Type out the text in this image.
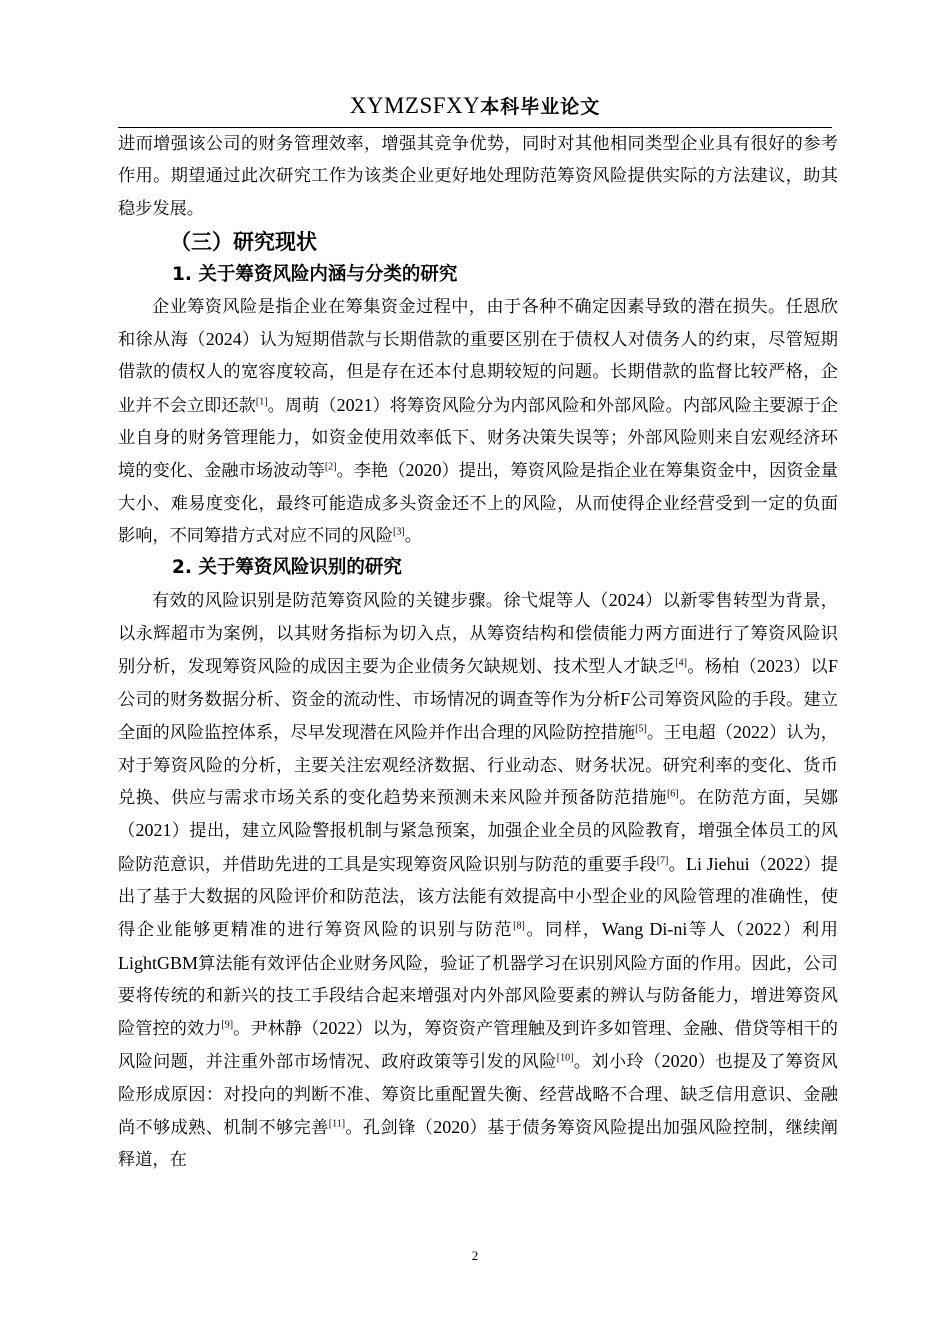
XYMZSFXY本科毕业论文

进而增强该公司的财务管理效率，增强其竞争优势，同时对其他相同类型企业具有很好的参考作用。期望通过此次研究工作为该类企业更好地处理防范筹资风险提供实际的方法建议，助其稳步发展。

（三）研究现状
1. 关于筹资风险内涵与分类的研究

企业筹资风险是指企业在筹集资金过程中，由于各种不确定因素导致的潜在损失。任恩欣和徐从海（2024）认为短期借款与长期借款的重要区别在于债权人对债务人的约束，尽管短期借款的债权人的宽容度较高，但是存在还本付息期较短的问题。长期借款的监督比较严格，企业并不会立即还款[1]。周萌（2021）将筹资风险分为内部风险和外部风险。内部风险主要源于企业自身的财务管理能力，如资金使用效率低下、财务决策失误等；外部风险则来自宏观经济环境的变化、金融市场波动等[2]。李艳（2020）提出，筹资风险是指企业在筹集资金中，因资金量大小、难易度变化，最终可能造成多头资金还不上的风险，从而使得企业经营受到一定的负面影响，不同筹措方式对应不同的风险[3]。

2. 关于筹资风险识别的研究

有效的风险识别是防范筹资风险的关键步骤。徐弋焜等人（2024）以新零售转型为背景，以永辉超市为案例，以其财务指标为切入点，从筹资结构和偿债能力两方面进行了筹资风险识别分析，发现筹资风险的成因主要为企业债务欠缺规划、技术型人才缺乏[4]。杨柏（2023）以F公司的财务数据分析、资金的流动性、市场情况的调查等作为分析F公司筹资风险的手段。建立全面的风险监控体系，尽早发现潜在风险并作出合理的风险防控措施[5]。王电超（2022）认为，对于筹资风险的分析，主要关注宏观经济数据、行业动态、财务状况。研究利率的变化、货币兑换、供应与需求市场关系的变化趋势来预测未来风险并预备防范措施[6]。在防范方面，吴娜（2021）提出，建立风险警报机制与紧急预案，加强企业全员的风险教育，增强全体员工的风险防范意识，并借助先进的工具是实现筹资风险识别与防范的重要手段[7]。Li Jiehui（2022）提出了基于大数据的风险评价和防范法，该方法能有效提高中小型企业的风险管理的准确性，使得企业能够更精准的进行筹资风险的识别与防范[8]。同样，Wang Di-ni等人（2022）利用LightGBM算法能有效评估企业财务风险，验证了机器学习在识别风险方面的作用。因此，公司要将传统的和新兴的技工手段结合起来增强对内外部风险要素的辨认与防备能力，增进筹资风险管控的效力[9]。尹林静（2022）以为，筹资资产管理触及到许多如管理、金融、借贷等相干的风险问题，并注重外部市场情况、政府政策等引发的风险[10]。刘小玲（2020）也提及了筹资风险形成原因：对投向的判断不准、筹资比重配置失衡、经营战略不合理、缺乏信用意识、金融尚不够成熟、机制不够完善[11]。孔剑锋（2020）基于债务筹资风险提出加强风险控制，继续阐释道，在

2
